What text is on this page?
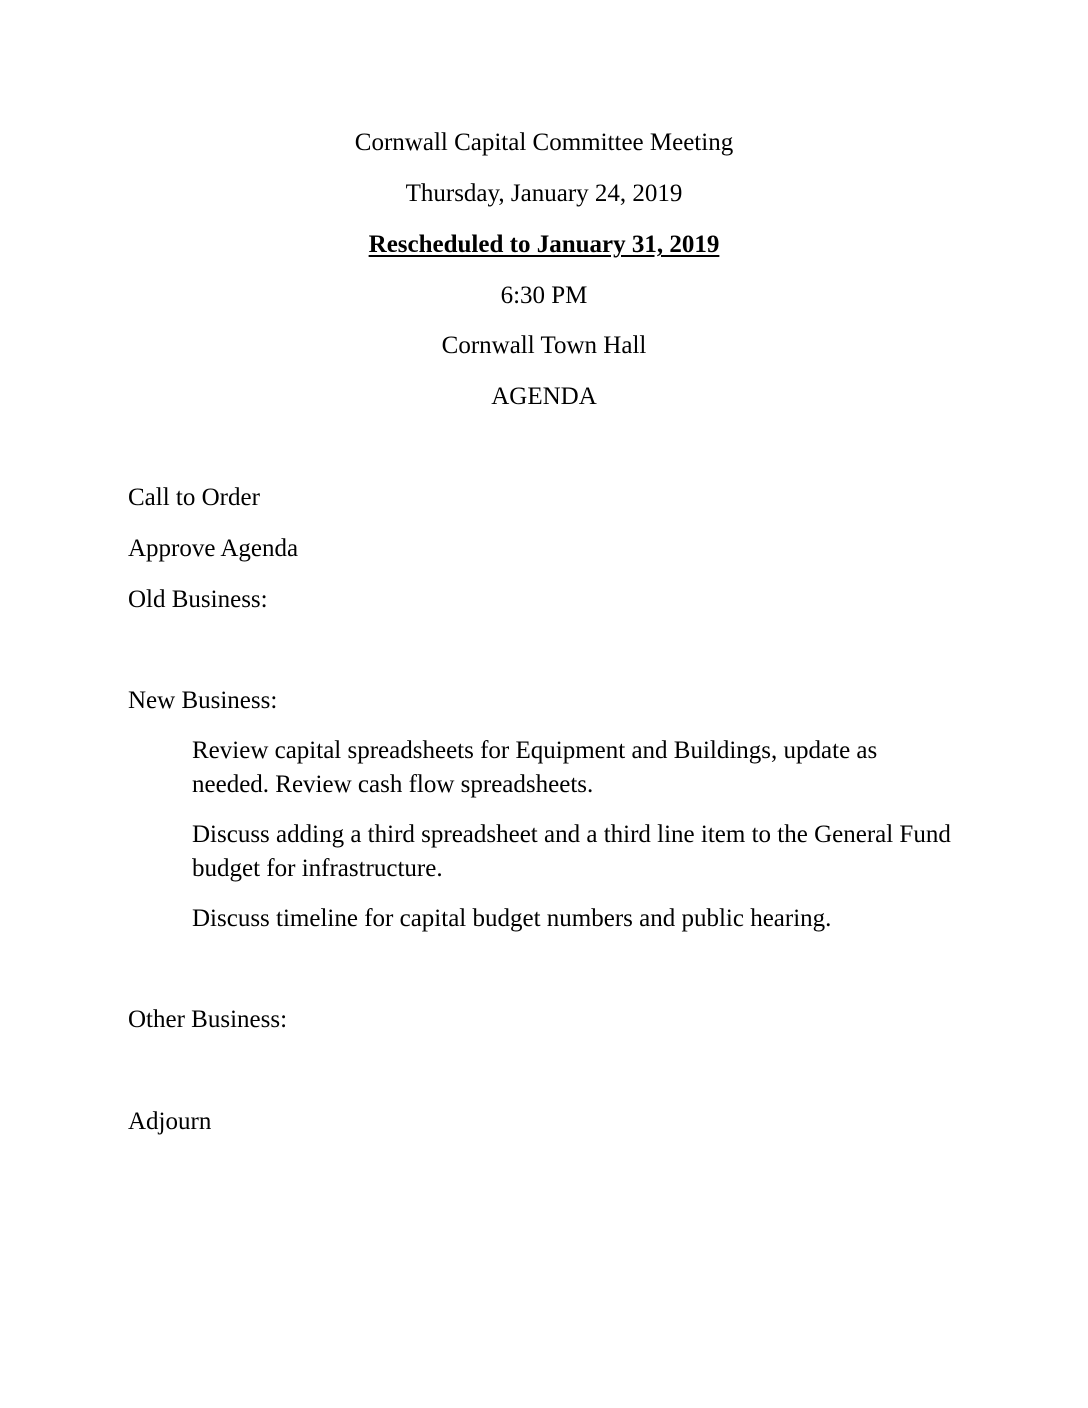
Cornwall Capital Committee Meeting

Thursday, January 24, 2019

Rescheduled to January 31, 2019

6:30 PM

Cornwall Town Hall

AGENDA

Call to Order

Approve Agenda

Old Business:

New Business:

Review capital spreadsheets for Equipment and Buildings, update as

needed. Review cash flow spreadsheets.

Discuss adding a third spreadsheet and a third line item to the General Fund

budget for infrastructure.

Discuss timeline for capital budget numbers and public hearing.

Other Business:

Adjourn
